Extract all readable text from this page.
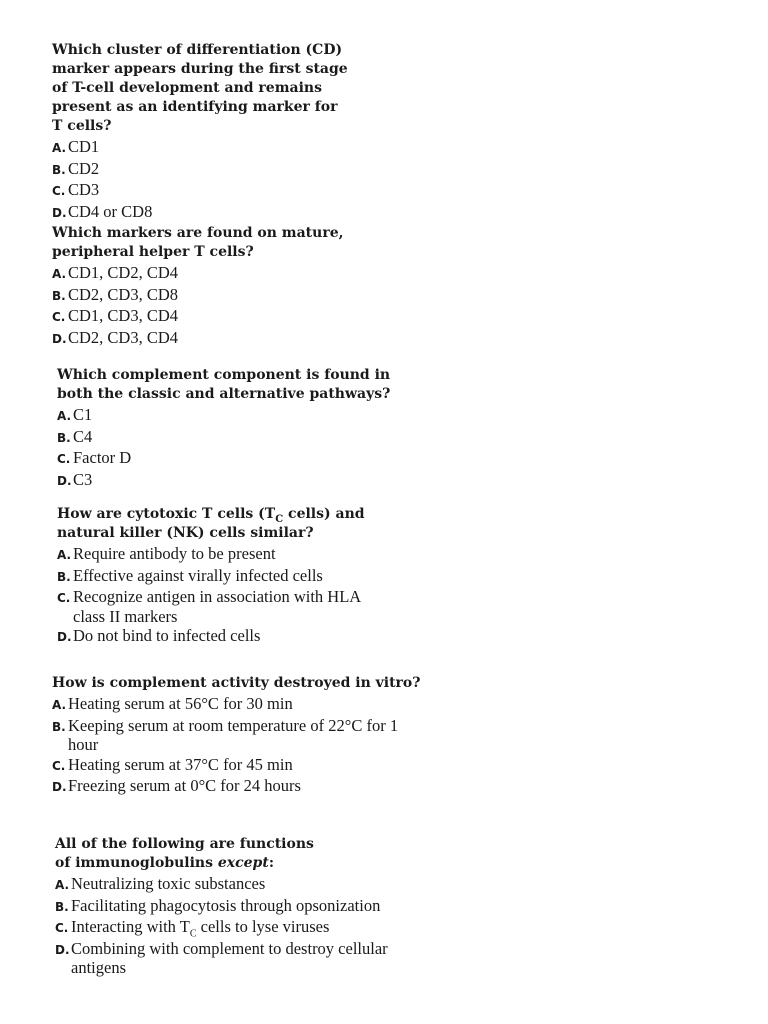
Which cluster of differentiation (CD) marker appears during the first stage of T-cell development and remains present as an identifying marker for T cells?
A. CD1
B. CD2
C. CD3
D. CD4 or CD8
Which markers are found on mature, peripheral helper T cells?
A. CD1, CD2, CD4
B. CD2, CD3, CD8
C. CD1, CD3, CD4
D. CD2, CD3, CD4
Which complement component is found in both the classic and alternative pathways?
A. C1
B. C4
C. Factor D
D. C3
How are cytotoxic T cells ($T_C$ cells) and natural killer (NK) cells similar?
A. Require antibody to be present
B. Effective against virally infected cells
C. Recognize antigen in association with HLA class II markers
D. Do not bind to infected cells
How is complement activity destroyed in vitro?
A. Heating serum at 56°C for 30 min
B. Keeping serum at room temperature of 22°C for 1 hour
C. Heating serum at 37°C for 45 min
D. Freezing serum at 0°C for 24 hours
All of the following are functions of immunoglobulins except:
A. Neutralizing toxic substances
B. Facilitating phagocytosis through opsonization
C. Interacting with $T_C$ cells to lyse viruses
D. Combining with complement to destroy cellular antigens
